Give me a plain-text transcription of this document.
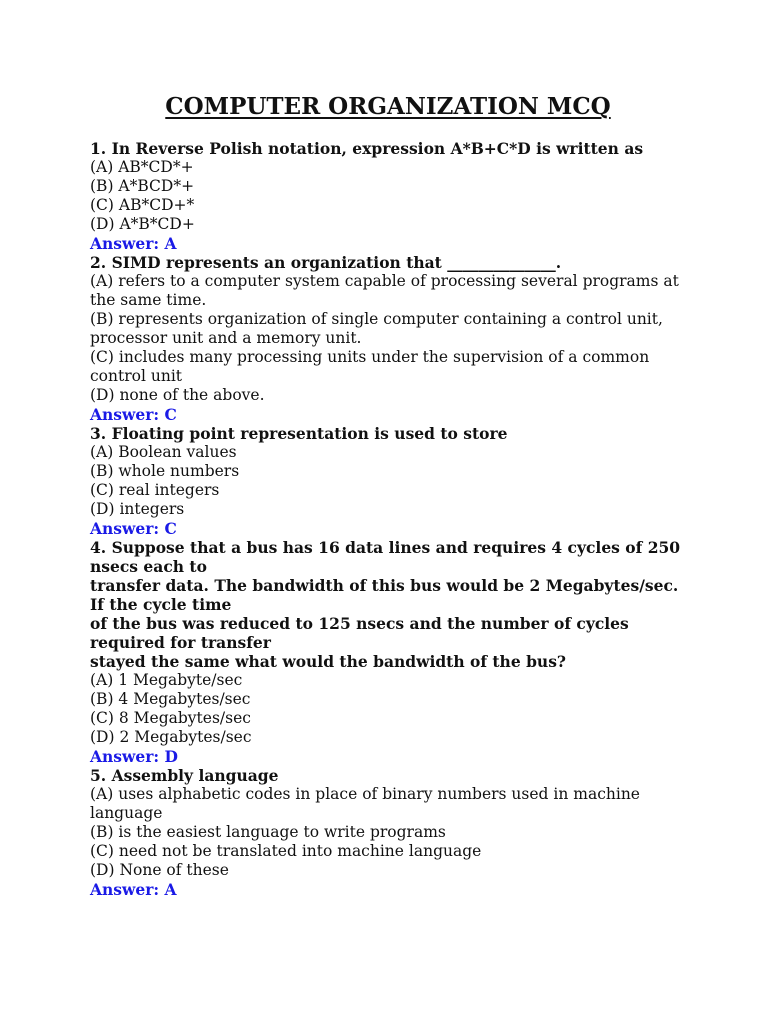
COMPUTER ORGANIZATION MCQ

1. In Reverse Polish notation, expression A*B+C*D is written as

(A) AB*CD*+

(B) A*BCD*+

(C) AB*CD+*

(D) A*B*CD+

Answer: A

2. SIMD represents an organization that ______________.

(A) refers to a computer system capable of processing several programs at the same time.

(B) represents organization of single computer containing a control unit, processor unit and a memory unit.

(C) includes many processing units under the supervision of a common control unit

(D) none of the above.

Answer: C

3. Floating point representation is used to store

(A) Boolean values

(B) whole numbers

(C) real integers

(D) integers

Answer: C

4. Suppose that a bus has 16 data lines and requires 4 cycles of 250 nsecs each to

transfer data. The bandwidth of this bus would be 2 Megabytes/sec. If the cycle time

of the bus was reduced to 125 nsecs and the number of cycles required for transfer

stayed the same what would the bandwidth of the bus?

(A) 1 Megabyte/sec

(B) 4 Megabytes/sec

(C) 8 Megabytes/sec

(D) 2 Megabytes/sec

Answer: D

5. Assembly language

(A) uses alphabetic codes in place of binary numbers used in machine language

(B) is the easiest language to write programs

(C) need not be translated into machine language

(D) None of these

Answer: A
